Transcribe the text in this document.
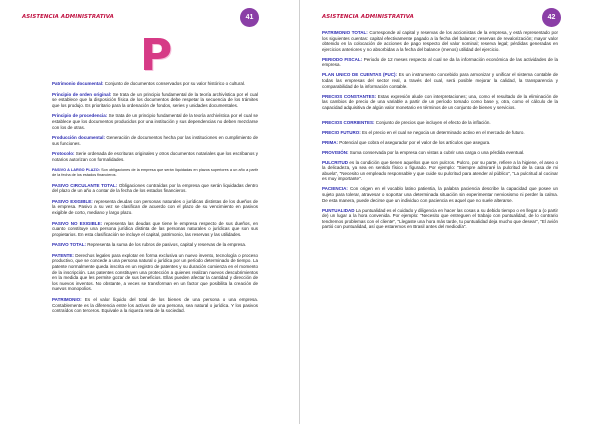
ASISTENCIA ADMINISTRATIVA	41
P

Patrimonio documental: Conjunto de documentos conservados por su valor histórico o cultural.

Principio de orden original: Se trata de un principio fundamental de la teoría archivística por el cual se establece que la disposición física de los documentos debe respetar la secuencia de los trámites que los produjo. Es prioritario para la ordenación de fondos, series y unidades documentales.

Principio de procedencia: Se trata de un principio fundamental de la teoría archivística por el cual se establece que los documentos producidos por una institución y sus dependencias no deben mezclarse con los de otras.

Producción documental: Generación de documentos hecha por las instituciones en cumplimiento de sus funciones.

Protocolo: Serie ordenada de escrituras originales y otros documentos notariales que los escribanos y notarios autorizan con formalidades.

PASIVO A LARGO PLAZO: Son obligaciones de la empresa que serán liquidadas en plazos superiores a un año a partir de la fecha de los estados financieros.

PASIVO CIRCULANTE TOTAL: Obligaciones contraídas por la empresa que serán liquidadas dentro del plazo de un año a contar de la fecha de los estados financieros.

PASIVO EXIGIBLE: representa deudas con personas naturales o jurídicas distintas de los dueños de la empresa. Pasivo a su vez se clasifican de acuerdo con el plazo de su vencimiento en pasivos exigible de corto, mediano y largo plazo.

PASIVO NO EXIGIBLE: representa las deudas que tiene le empresa respecto de sus dueños, en cuanto constituye una persona jurídica distinta de las personas naturales o jurídicas que son sus propietarios. En esta clasificación se incluye el capital, patrimonio, las reservas y las utilidades.

PASIVO TOTAL: Representa la suma de los rubros de pasivos, capital y reservas de la empresa.

PATENTE: Derechos legales para explotar en forma exclusiva un nuevo invento, tecnología o proceso productivo, que se concede a una persona natural o jurídica por un período determinado de tiempo. La patente normalmente queda inscrita en un registro de patentes y su duración comienza en el momento de la inscripción. Las patentes constituyen una protección a quienes realizan nuevos descubrimientos en la medida que les permite gozar de sus beneficios. Ellas pueden afectar la cantidad y dirección de los nuevos inventos. No obstante, a veces se transforman en un factor que posibilita la creación de nuevos monopolios.

PATRIMONIO: Es el valor líquido del total de los bienes de una persona o una empresa. Contablemente es la diferencia entre los activos de una persona, sea natural o jurídica. Y los pasivos contraídos con terceros. Equivale a la riqueza neta de la sociedad.

ASISTENCIA ADMINISTRATIVA	42

PATRIMONIO TOTAL: Corresponde al capital y reservas de los accionistas de la empresa, y está representado por los siguientes cuentas: capital efectivamente pagado a la fecha del balance; reservas de revalorización; mayor valor obtenido en la colocación de acciones de pago respecto del valor nominal; reserva legal; pérdidas generadas en ejercicios anteriores y no absorbidas a la fecha del balance (menos) utilidad del ejercicio.

PERIODO FISCAL: Periodo de 12 meses respecto al cual se da la información económica de las actividades de la empresa.

PLAN UNICO DE CUENTAS (PUC): Es un instrumento concebido para armonizar y unificar el sistema contable de todas las empresas del sector real, a través del cual, será posible mejorar la calidad, la transparencia y comparabilidad de la información contable.

PRECIOS CONSTANTES: Estas expresión alude con interpretaciones; una, como el resultado de la eliminación de las cambios de precio de una variable a partir de un período tomado como base y, otra, como el cálculo de la capacidad adquisitiva de algún valor monetario en términos de un conjunto de bienes y servicios.

PRECIOS CORRIENTES: Conjunto de precios que incluyen el efecto de la inflación.

PRECIO FUTURO: Es el precio en el cual se negocia un determinado activo en el mercado de futuro.

PRIMA: Potencial que cobra el asegurador por el valor de los artículos que asegura.

PROVISIÓN: Suma conservada por la empresa con vistas a cubrir una carga o una pérdida eventual.

PULCRITUD es la condición que tienen aquellos que son pulcros. Pulcro, por su parte, refiere a la higiene, el aseo o la delicadeza, ya sea en sentido físico o figurado. Por ejemplo: "Siempre admiraré la pulcritud de la casa de mi abuela", "Necesito un empleado responsable y que cuide su pulcritud para atender al público", "La pulcritud al cocinar es muy importante".

PACIENCIA: Con origen en el vocablo latino patientia, la palabra paciencia describe la capacidad que posee un sujeto para tolerar, atravesar o soportar una determinada situación sin experimentar nerviosismo ni perder la calma. De esta manera, puede decirse que un individuo con paciencia es aquel que no suele alterarse.

PUNTUALIDAD La puntualidad es el cuidado y diligencia en hacer las cosas a su debido tiempo o en llegar a (o partir de) un lugar a la hora convenida. Por ejemplo: "Necesito que entreguen el trabajo con puntualidad, de lo contrario tendremos problemas con el cliente", "Llegaste una hora más tarde, tu puntualidad deja mucho que desear", "El avión partió con puntualidad, así que estaremos en Brasil antes del mediodía".
